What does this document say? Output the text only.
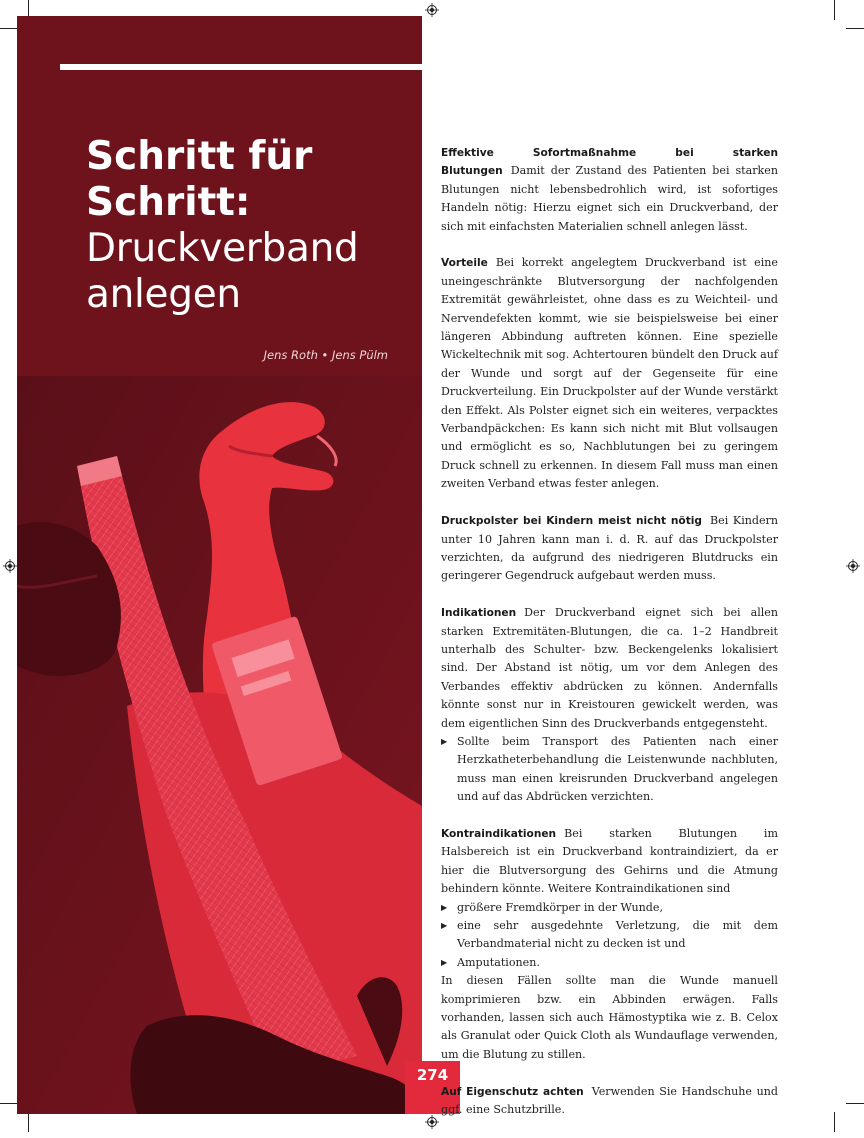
Schritt für
Schritt:
Druckverband
anlegen
Jens Roth • Jens Pülm
274

Effektive Sofortmaßnahme bei starken Blutungen Damit der Zustand des Patienten bei starken Blutungen nicht lebensbedrohlich wird, ist sofortiges Handeln nötig: Hierzu eignet sich ein Druckverband, der sich mit einfachsten Materialien schnell anlegen lässt.

Vorteile Bei korrekt angelegtem Druckverband ist eine uneingeschränkte Blutversorgung der nachfolgenden Extremität gewährleistet, ohne dass es zu Weichteil- und Nervendefekten kommt, wie sie beispielsweise bei einer längeren Abbindung auftreten können. Eine spezielle Wickeltechnik mit sog. Achtertouren bündelt den Druck auf der Wunde und sorgt auf der Gegenseite für eine Druckverteilung. Ein Druckpolster auf der Wunde verstärkt den Effekt. Als Polster eignet sich ein weiteres, verpacktes Verbandpäckchen: Es kann sich nicht mit Blut vollsaugen und ermöglicht es so, Nachblutungen bei zu geringem Druck schnell zu erkennen. In diesem Fall muss man einen zweiten Verband etwas fester anlegen.

Druckpolster bei Kindern meist nicht nötig Bei Kindern unter 10 Jahren kann man i. d. R. auf das Druckpolster verzichten, da aufgrund des niedrigeren Blutdrucks ein geringerer Gegendruck aufgebaut werden muss.

Indikationen Der Druckverband eignet sich bei allen starken Extremitäten-Blutungen, die ca. 1–2 Handbreit unterhalb des Schulter- bzw. Beckengelenks lokalisiert sind. Der Abstand ist nötig, um vor dem Anlegen des Verbandes effektiv abdrücken zu können. Andernfalls könnte sonst nur in Kreistouren gewickelt werden, was dem eigentlichen Sinn des Druckverbands entgegensteht.

▶ Sollte beim Transport des Patienten nach einer Herzkatheterbehandlung die Leistenwunde nachbluten, muss man einen kreisrunden Druckverband angelegen und auf das Abdrücken verzichten.

Kontraindikationen Bei starken Blutungen im Halsbereich ist ein Druckverband kontraindiziert, da er hier die Blutversorgung des Gehirns und die Atmung behindern könnte. Weitere Kontraindikationen sind

▶ größere Fremdkörper in der Wunde,
▶ eine sehr ausgedehnte Verletzung, die mit dem Verbandmaterial nicht zu decken ist und
▶ Amputationen.

In diesen Fällen sollte man die Wunde manuell komprimieren bzw. ein Abbinden erwägen. Falls vorhanden, lassen sich auch Hämostyptika wie z. B. Celox als Granulat oder Quick Cloth als Wundauflage verwenden, um die Blutung zu stillen.

Auf Eigenschutz achten Verwenden Sie Handschuhe und ggf. eine Schutzbrille.
